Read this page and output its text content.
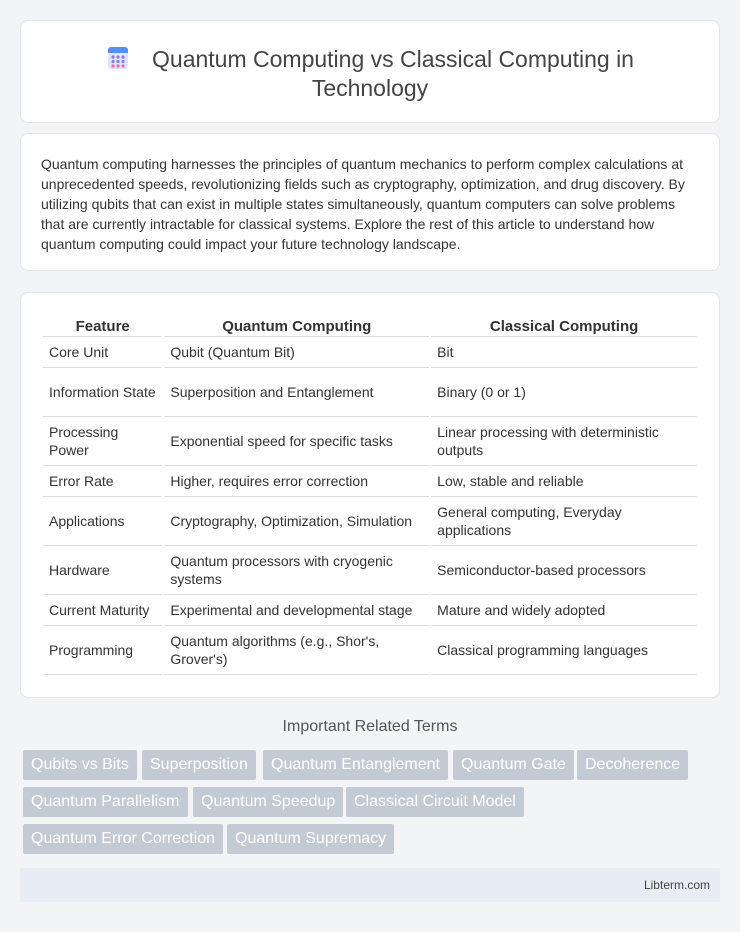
Quantum Computing vs Classical Computing in
Technology

Quantum computing harnesses the principles of quantum mechanics to perform complex calculations at unprecedented speeds, revolutionizing fields such as cryptography, optimization, and drug discovery. By utilizing qubits that can exist in multiple states simultaneously, quantum computers can solve problems that are currently intractable for classical systems. Explore the rest of this article to understand how quantum computing could impact your future technology landscape.

Feature	Quantum Computing	Classical Computing
Core Unit	Qubit (Quantum Bit)	Bit
Information State	Superposition and Entanglement	Binary (0 or 1)
Processing Power	Exponential speed for specific tasks	Linear processing with deterministic outputs
Error Rate	Higher, requires error correction	Low, stable and reliable
Applications	Cryptography, Optimization, Simulation	General computing, Everyday applications
Hardware	Quantum processors with cryogenic systems	Semiconductor-based processors
Current Maturity	Experimental and developmental stage	Mature and widely adopted
Programming	Quantum algorithms (e.g., Shor's, Grover's)	Classical programming languages
Important Related Terms
Qubits vs Bits	Superposition	Quantum Entanglement	Quantum Gate	Decoherence
Quantum Parallelism	Quantum Speedup	Classical Circuit Model
Quantum Error Correction	Quantum Supremacy
Libterm.com
